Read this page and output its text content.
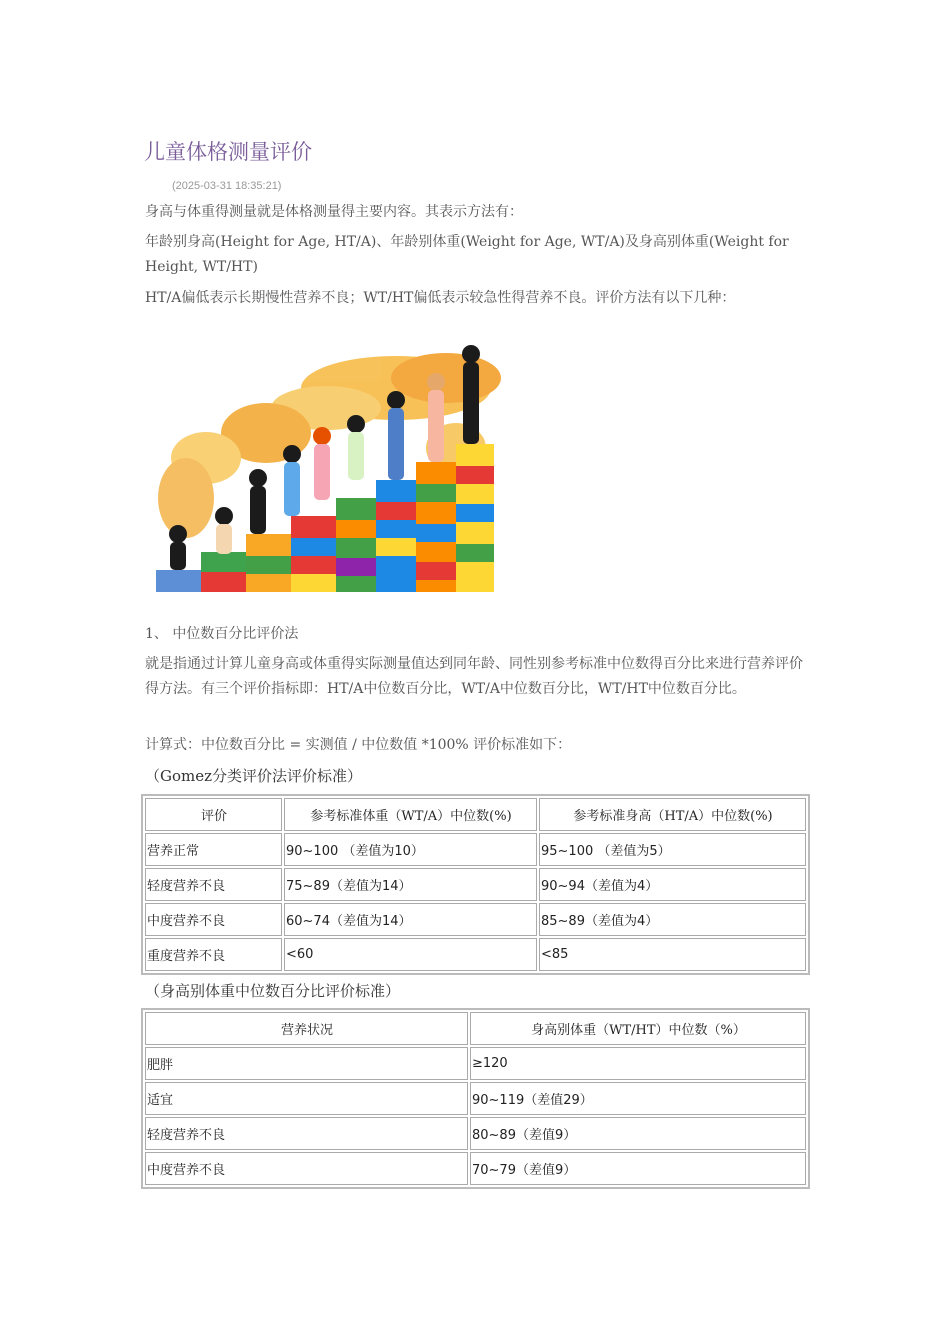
儿童体格测量评价
(2025-03-31 18:35:21)

身高与体重得测量就是体格测量得主要内容。其表示方法有：

年龄别身高(Height for Age, HT/A)、年龄别体重(Weight for Age, WT/A)及身高别体重(Weight for Height, WT/HT)

HT/A偏低表示长期慢性营养不良；WT/HT偏低表示较急性得营养不良。评价方法有以下几种：

1、 中位数百分比评价法

就是指通过计算儿童身高或体重得实际测量值达到同年龄、同性别参考标准中位数得百分比来进行营养评价得方法。有三个评价指标即：HT/A中位数百分比，WT/A中位数百分比，WT/HT中位数百分比。

计算式：中位数百分比 = 实测值 / 中位数值 *100% 评价标准如下：

（Gomez分类评价法评价标准）
评价	参考标准体重（WT/A）中位数(%)	参考标准身高（HT/A）中位数(%)
营养正常	90~100 （差值为10）	95~100 （差值为5）
轻度营养不良	75~89（差值为14）	90~94（差值为4）
中度营养不良	60~74（差值为14）	85~89（差值为4）
重度营养不良	<60	<85
（身高别体重中位数百分比评价标准）
营养状况	身高别体重（WT/HT）中位数（%）
肥胖	≥120
适宜	90~119（差值29）
轻度营养不良	80~89（差值9）
中度营养不良	70~79（差值9）
